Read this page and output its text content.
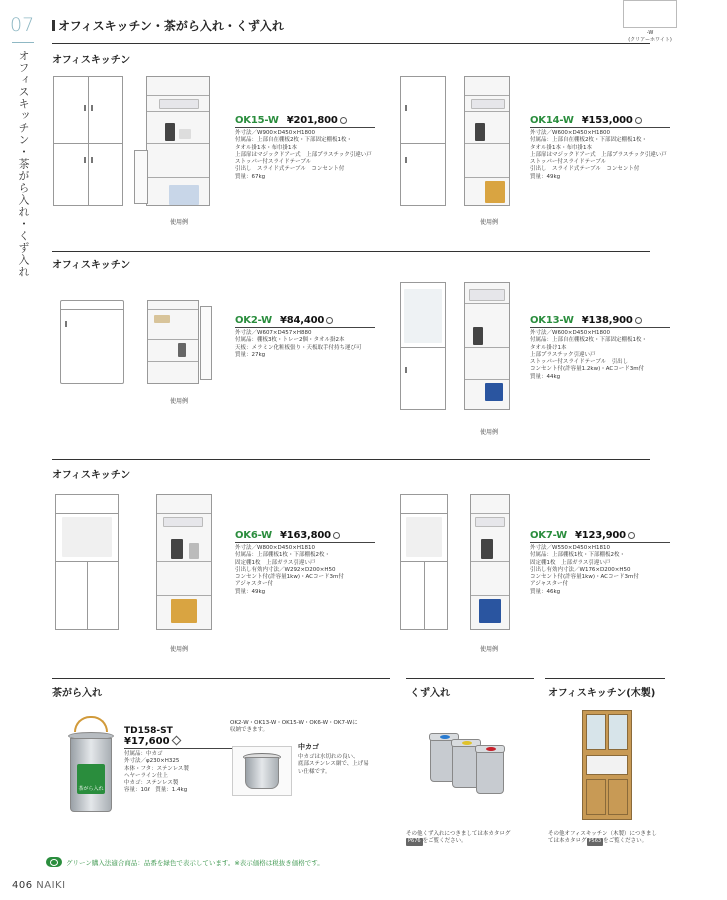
07 オフィスキッチン・茶がら入れ・くず入れ
オフィスキッチン・茶がら入れ・くず入れ
-W
(クリアーホワイト)
オフィスキッチン
使用例
OK15-W ¥201,800
外寸法／W900×D450×H1800
付属品：上部自在棚板2枚・下部固定棚板1枚・
タオル掛1本・布巾掛1本
上部扉はマジックドアー式　上部プラスチック引違い戸
ストッパー付スライドテーブル
引出し　スライド式テーブル　コンセント付
質量：67kg
使用例
OK14-W ¥153,000
外寸法／W600×D450×H1800
付属品：上部自在棚板2枚・下部固定棚板1枚・
タオル掛1本・布巾掛1本
上部扉はマジックドアー式　上部プラスチック引違い戸
ストッパー付スライドテーブル
引出し　スライド式テーブル　コンセント付
質量：49kg
オフィスキッチン
使用例
OK2-W ¥84,400
外寸法／W607×D457×H880
付属品：棚板3枚・トレー2個・タオル掛2本
天板：メラミン化粧板張り・天板取手付持ち運び可
質量：27kg
使用例
OK13-W ¥138,900
外寸法／W600×D450×H1800
付属品：上部自在棚板2枚・下部固定棚板1枚・
タオル掛け1本
上部プラスチック引違い戸
ストッパー付スライドテーブル　引出し
コンセント付(許容量1.2kw)・ACコード3m付
質量：44kg
オフィスキッチン
使用例
OK6-W ¥163,800
外寸法／W800×D450×H1810
付属品：上部棚板1枚・下部棚板2枚・
固定棚1枚　上部ガラス引違い戸
引出し有効内寸法／W292×D200×H50
コンセント付(許容量1kw)・ACコード3m付
アジャスター付
質量：49kg
使用例
OK7-W ¥123,900
外寸法／W550×D450×H1810
付属品：上部棚板1枚・下部棚板2枚・
固定棚1枚　上部ガラス引違い戸
引出し有効内寸法／W176×D200×H50
コンセント付(許容量1kw)・ACコード3m付
アジャスター付
質量：46kg
茶がら入れ	くず入れ	オフィスキッチン(木製)
茶がら入れ
TD158-ST
¥17,600
付属品：中カゴ
外寸法／φ230×H325
本体・フタ：ステンレス製
ヘヤーライン仕上
中カゴ：ステンレス製
容量：10ℓ　質量：1.4kg
OK2-W・OK13-W・OK15-W・OK6-W・OK7-Wに
収納できます。
中カゴ
中カゴは水切れの良い、
底部ステンレス網で、上げ易
い仕様です。
その他くず入れにつきましては本カタログ
P676 をご覧ください。
その他オフィスキッチン（木製）につきまし
ては本カタログ P563 をご覧ください。
グリーン購入法適合商品：品番を緑色で表示しています。※表示価格は税抜き価格です。
406 NAIKI
